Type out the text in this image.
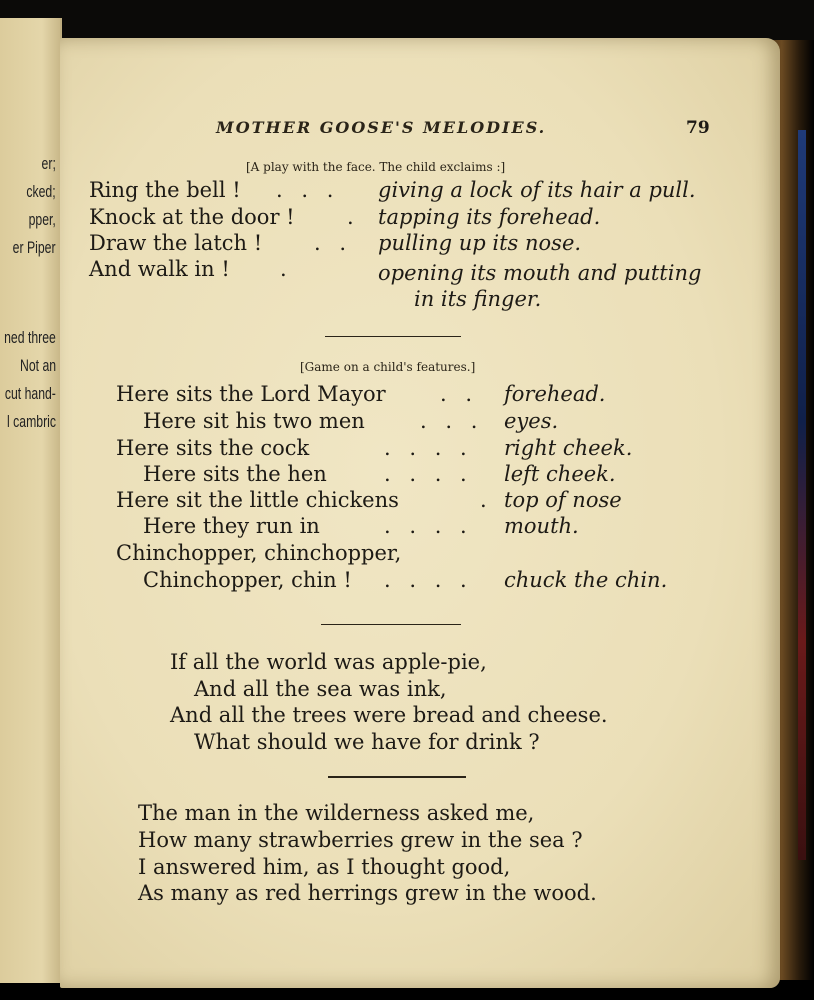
er;
cked;
pper,
er Piper
ned three
Not an
cut hand-
l cambric
MOTHER GOOSE'S MELODIES.	79
[A play with the face. The child exclaims :]
Ring the bell ! . . . giving a lock of its hair a pull.
Knock at the door ! . tapping its forehead.
Draw the latch ! . . pulling up its nose.
And walk in ! .	opening its mouth and putting
in its finger.
[Game on a child's features.]
Here sits the Lord Mayor	. . forehead.
Here sit his two men	. . . eyes.
Here sits the cock	. . . . right cheek.
Here sits the hen	. . . . left cheek.
Here sit the little chickens	. top of nose
Here they run in	. . . . mouth.
Chinchopper, chinchopper,
Chinchopper, chin ! . . . . chuck the chin.
If all the world was apple-pie,
And all the sea was ink,
And all the trees were bread and cheese.
What should we have for drink ?
The man in the wilderness asked me,
How many strawberries grew in the sea ?
I answered him, as I thought good,
As many as red herrings grew in the wood.
